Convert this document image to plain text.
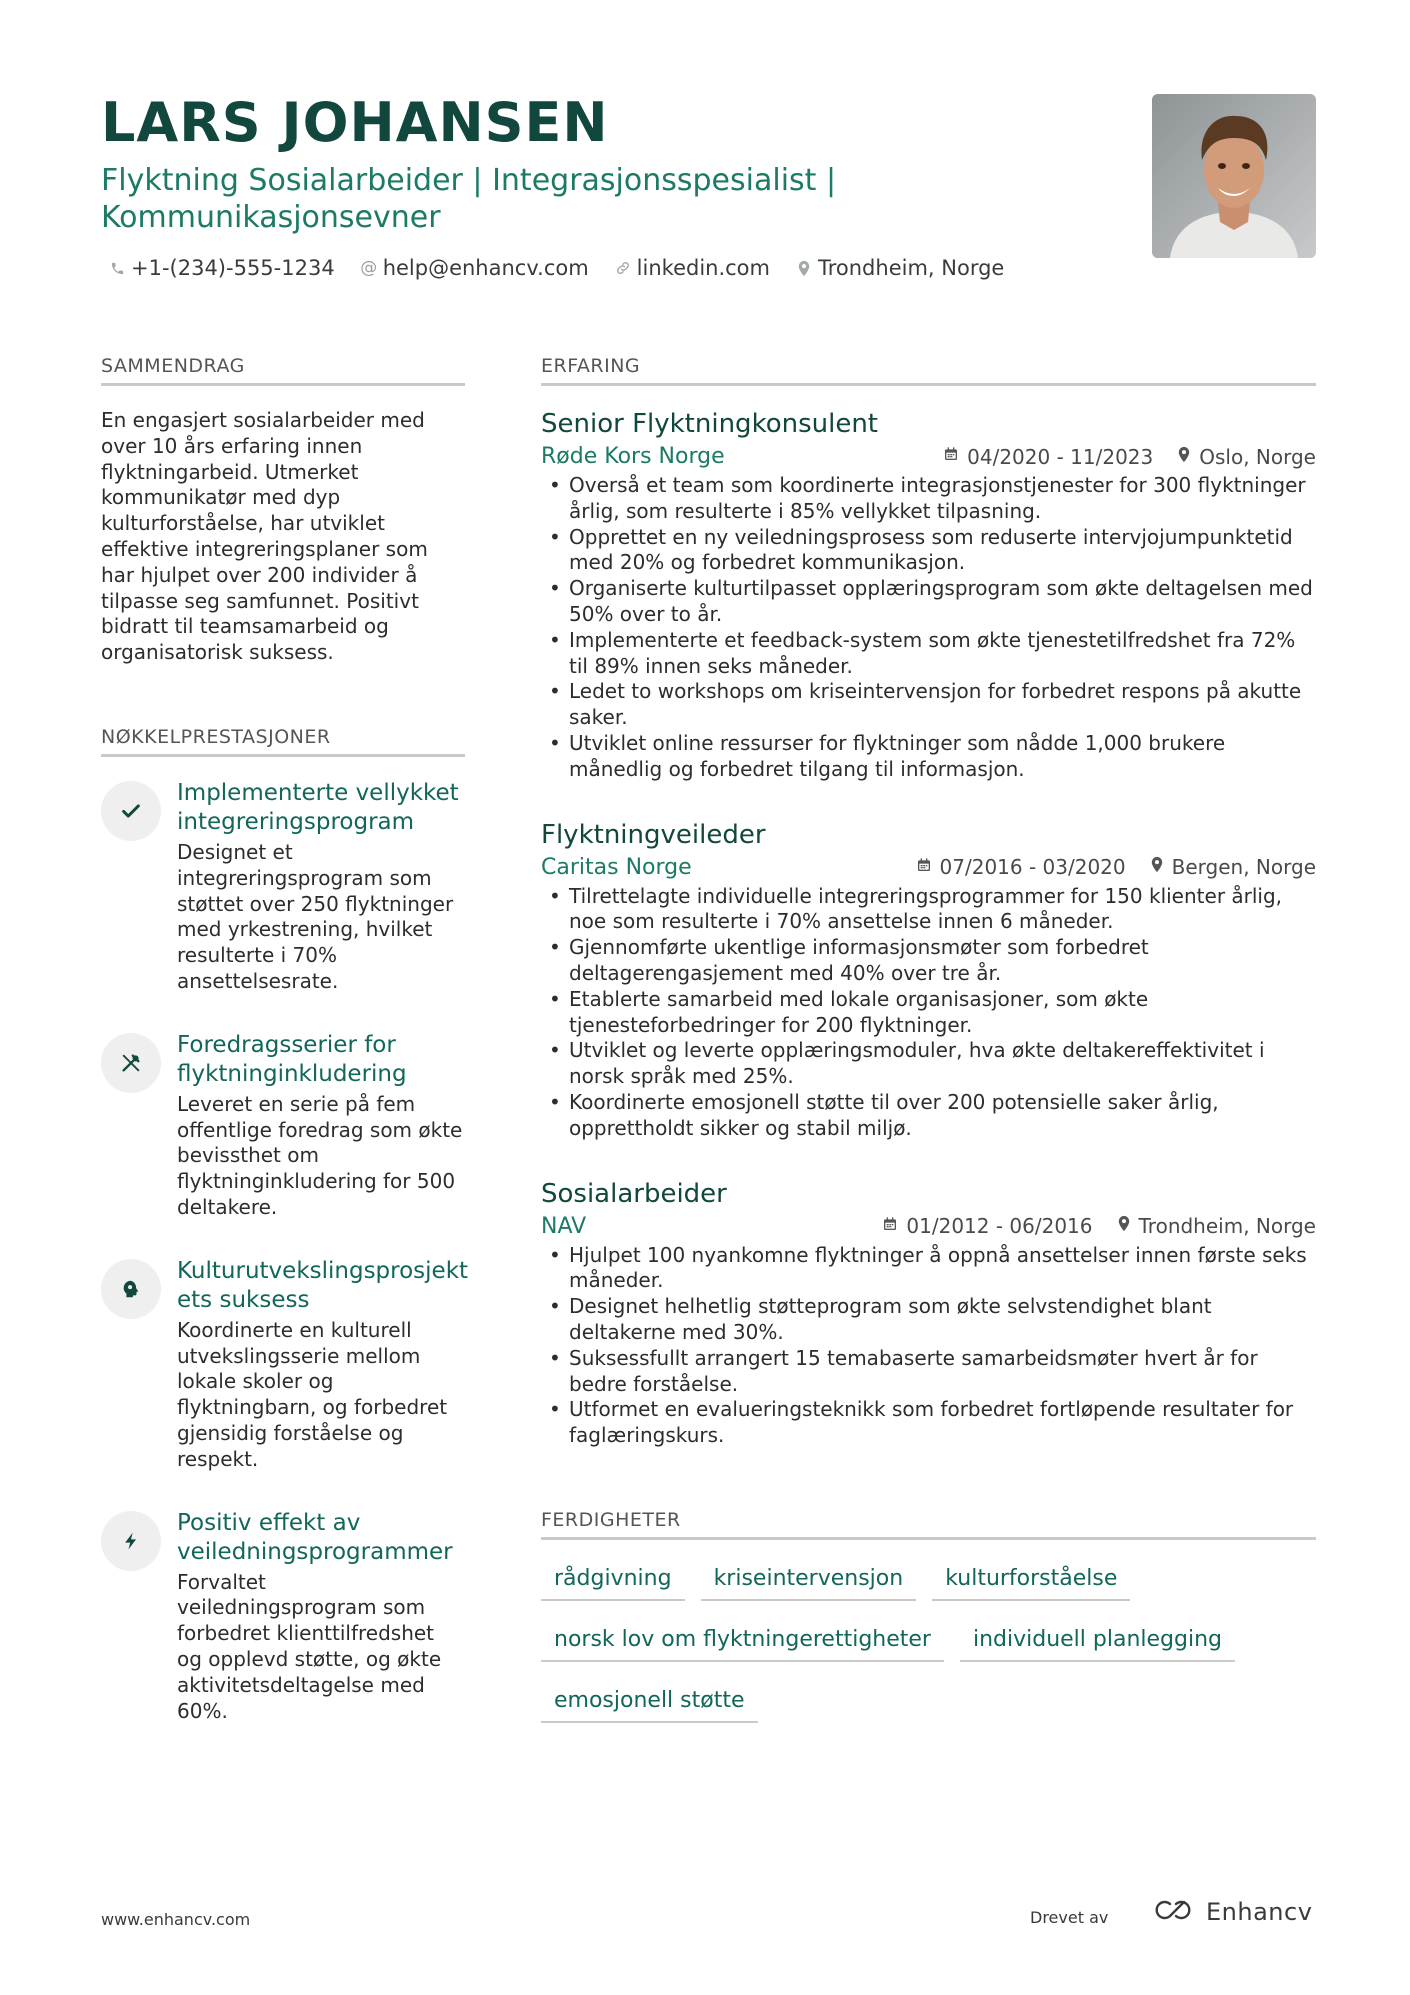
LARS JOHANSEN
Flyktning Sosialarbeider | Integrasjonsspesialist | Kommunikasjonsevner
+1-(234)-555-1234 @ help@enhancv.com linkedin.com Trondheim, Norge
SAMMENDRAG
En engasjert sosialarbeider med over 10 års erfaring innen flyktningarbeid. Utmerket kommunikatør med dyp kulturforståelse, har utviklet effektive integreringsplaner som har hjulpet over 200 individer å tilpasse seg samfunnet. Positivt bidratt til teamsamarbeid og organisatorisk suksess.
NØKKELPRESTASJONER
Implementerte vellykket integreringsprogram
Designet et integreringsprogram som støttet over 250 flyktninger med yrkestrening, hvilket resulterte i 70% ansettelsesrate.
Foredragsserier for flyktninginkludering
Leveret en serie på fem offentlige foredrag som økte bevissthet om flyktninginkludering for 500 deltakere.
Kulturutvekslingsprosjekt ets suksess
Koordinerte en kulturell utvekslingsserie mellom lokale skoler og flyktningbarn, og forbedret gjensidig forståelse og respekt.
Positiv effekt av veiledningsprogrammer
Forvaltet veiledningsprogram som forbedret klienttilfredshet og opplevd støtte, og økte aktivitetsdeltagelse med 60%.
ERFARING
Senior Flyktningkonsulent
Røde Kors Norge	04/2020 - 11/2023 Oslo, Norge
• Overså et team som koordinerte integrasjonstjenester for 300 flyktninger årlig, som resulterte i 85% vellykket tilpasning.
• Opprettet en ny veiledningsprosess som reduserte intervjojumpunktetid med 20% og forbedret kommunikasjon.
• Organiserte kulturtilpasset opplæringsprogram som økte deltagelsen med 50% over to år.
• Implementerte et feedback-system som økte tjenestetilfredshet fra 72% til 89% innen seks måneder.
• Ledet to workshops om kriseintervensjon for forbedret respons på akutte saker.
• Utviklet online ressurser for flyktninger som nådde 1,000 brukere månedlig og forbedret tilgang til informasjon.
Flyktningveileder
Caritas Norge	07/2016 - 03/2020 Bergen, Norge
• Tilrettelagte individuelle integreringsprogrammer for 150 klienter årlig, noe som resulterte i 70% ansettelse innen 6 måneder.
• Gjennomførte ukentlige informasjonsmøter som forbedret deltagerengasjement med 40% over tre år.
• Etablerte samarbeid med lokale organisasjoner, som økte tjenesteforbedringer for 200 flyktninger.
• Utviklet og leverte opplæringsmoduler, hva økte deltakereffektivitet i norsk språk med 25%.
• Koordinerte emosjonell støtte til over 200 potensielle saker årlig, opprettholdt sikker og stabil miljø.
Sosialarbeider
NAV	01/2012 - 06/2016 Trondheim, Norge
• Hjulpet 100 nyankomne flyktninger å oppnå ansettelser innen første seks måneder.
• Designet helhetlig støtteprogram som økte selvstendighet blant deltakerne med 30%.
• Suksessfullt arrangert 15 temabaserte samarbeidsmøter hvert år for bedre forståelse.
• Utformet en evalueringsteknikk som forbedret fortløpende resultater for faglæringskurs.
FERDIGHETER
rådgivning	kriseintervensjon	kulturforståelse
norsk lov om flyktningerettigheter	individuell planlegging
emosjonell støtte
www.enhancv.com	Drevet av	Enhancv
